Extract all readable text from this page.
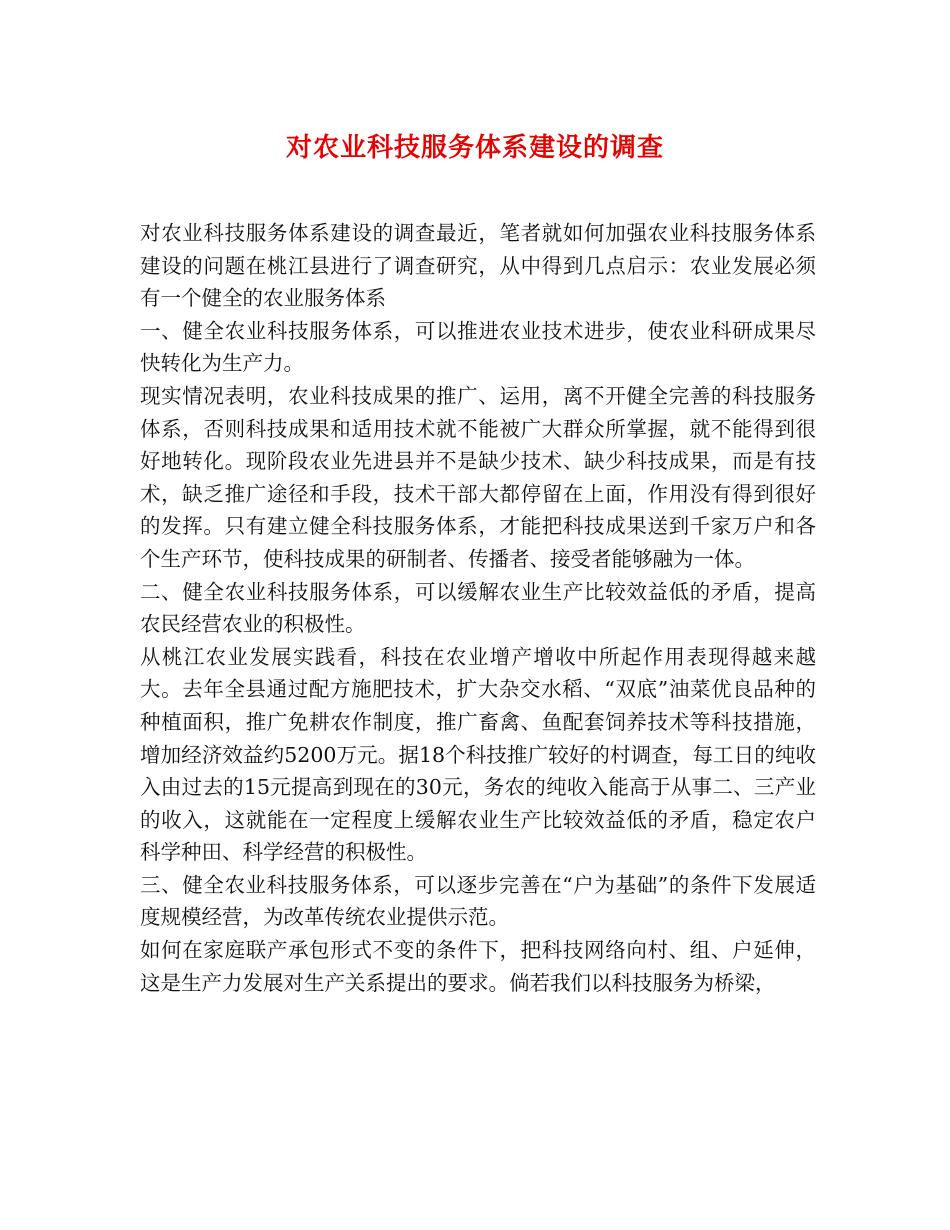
对农业科技服务体系建设的调查

对农业科技服务体系建设的调查最近，笔者就如何加强农业科技服务体系建设的问题在桃江县进行了调查研究，从中得到几点启示：农业发展必须有一个健全的农业服务体系

一、健全农业科技服务体系，可以推进农业技术进步，使农业科研成果尽快转化为生产力。

现实情况表明，农业科技成果的推广、运用，离不开健全完善的科技服务体系，否则科技成果和适用技术就不能被广大群众所掌握，就不能得到很好地转化。现阶段农业先进县并不是缺少技术、缺少科技成果，而是有技术，缺乏推广途径和手段，技术干部大都停留在上面，作用没有得到很好的发挥。只有建立健全科技服务体系，才能把科技成果送到千家万户和各个生产环节，使科技成果的研制者、传播者、接受者能够融为一体。

二、健全农业科技服务体系，可以缓解农业生产比较效益低的矛盾，提高农民经营农业的积极性。

从桃江农业发展实践看，科技在农业增产增收中所起作用表现得越来越大。去年全县通过配方施肥技术，扩大杂交水稻、“双底”油菜优良品种的种植面积，推广免耕农作制度，推广畜禽、鱼配套饲养技术等科技措施，增加经济效益约5200万元。据18个科技推广较好的村调查，每工日的纯收入由过去的15元提高到现在的30元，务农的纯收入能高于从事二、三产业的收入，这就能在一定程度上缓解农业生产比较效益低的矛盾，稳定农户科学种田、科学经营的积极性。

三、健全农业科技服务体系，可以逐步完善在“户为基础”的条件下发展适度规模经营，为改革传统农业提供示范。

如何在家庭联产承包形式不变的条件下，把科技网络向村、组、户延伸，这是生产力发展对生产关系提出的要求。倘若我们以科技服务为桥梁，
